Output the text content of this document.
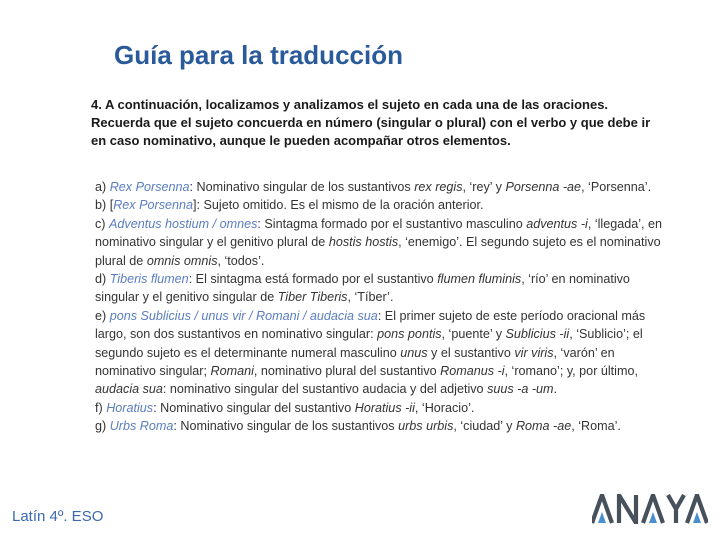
Guía para la traducción
4. A continuación, localizamos y analizamos el sujeto en cada una de las oraciones. Recuerda que el sujeto concuerda en número (singular o plural) con el verbo y que debe ir en caso nominativo, aunque le pueden acompañar otros elementos.

a) Rex Porsenna: Nominativo singular de los sustantivos rex regis, ‘rey’ y Porsenna -ae, ‘Porsenna’.

b) [Rex Porsenna]: Sujeto omitido. Es el mismo de la oración anterior.

c) Adventus hostium / omnes: Sintagma formado por el sustantivo masculino adventus -i, ‘llegada’, en nominativo singular y el genitivo plural de hostis hostis, ‘enemigo’. El segundo sujeto es el nominativo plural de omnis omnis, ‘todos’.

d) Tiberis flumen: El sintagma está formado por el sustantivo flumen fluminis, ‘río’ en nominativo singular y el genitivo singular de Tiber Tiberis, ‘Tíber’.

e) pons Sublicius / unus vir / Romani / audacia sua: El primer sujeto de este período oracional más largo, son dos sustantivos en nominativo singular: pons pontis, ‘puente’ y Sublicius -ii, ‘Sublicio’; el segundo sujeto es el determinante numeral masculino unus y el sustantivo vir viris, ‘varón’ en nominativo singular; Romani, nominativo plural del sustantivo Romanus -i, ‘romano’; y, por último, audacia sua: nominativo singular del sustantivo audacia y del adjetivo suus -a -um.

f) Horatius: Nominativo singular del sustantivo Horatius -ii, ‘Horacio’.

g) Urbs Roma: Nominativo singular de los sustantivos urbs urbis, ‘ciudad’ y Roma -ae, ‘Roma’.

Latín 4º. ESO
